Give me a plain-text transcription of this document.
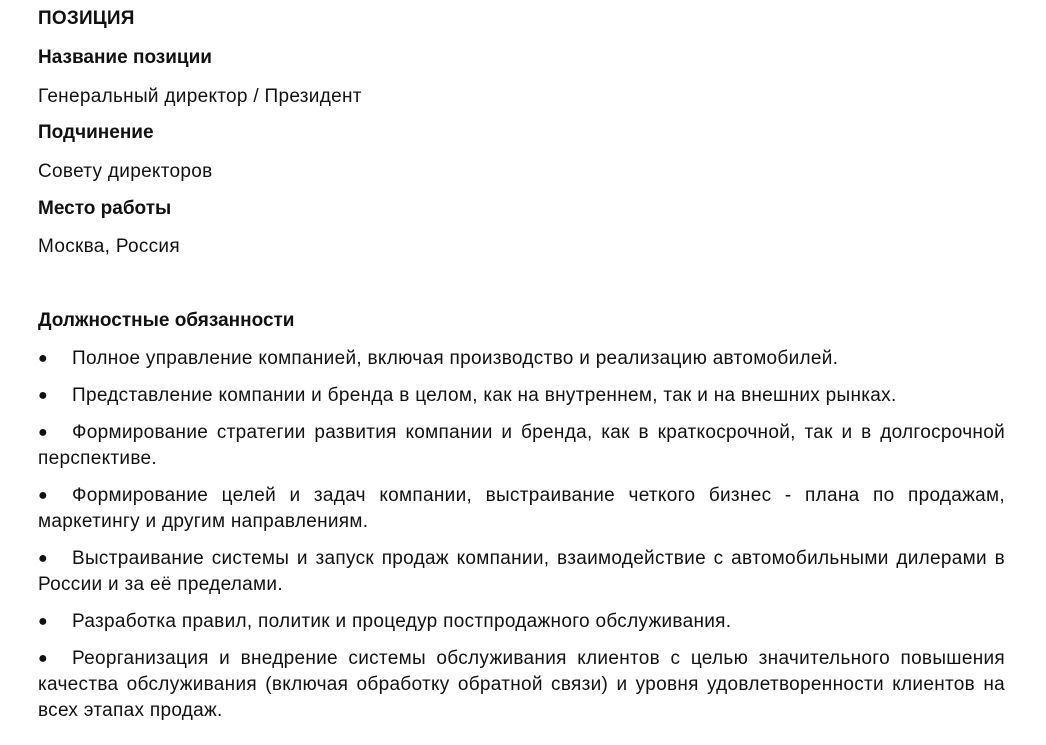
ПОЗИЦИЯ
Название позиции
Генеральный директор / Президент
Подчинение
Совету директоров
Место работы
Москва, Россия
Должностные обязанности
● Полное управление компанией, включая производство и реализацию автомобилей.
● Представление компании и бренда в целом, как на внутреннем, так и на внешних рынках.
● Формирование стратегии развития компании и бренда, как в краткосрочной, так и в долгосрочной перспективе.
● Формирование целей и задач компании, выстраивание четкого бизнес - плана по продажам, маркетингу и другим направлениям.
● Выстраивание системы и запуск продаж компании, взаимодействие с автомобильными дилерами в России и за её пределами.
● Разработка правил, политик и процедур постпродажного обслуживания.
● Реорганизация и внедрение системы обслуживания клиентов с целью значительного повышения качества обслуживания (включая обработку обратной связи) и уровня удовлетворенности клиентов на всех этапах продаж.
